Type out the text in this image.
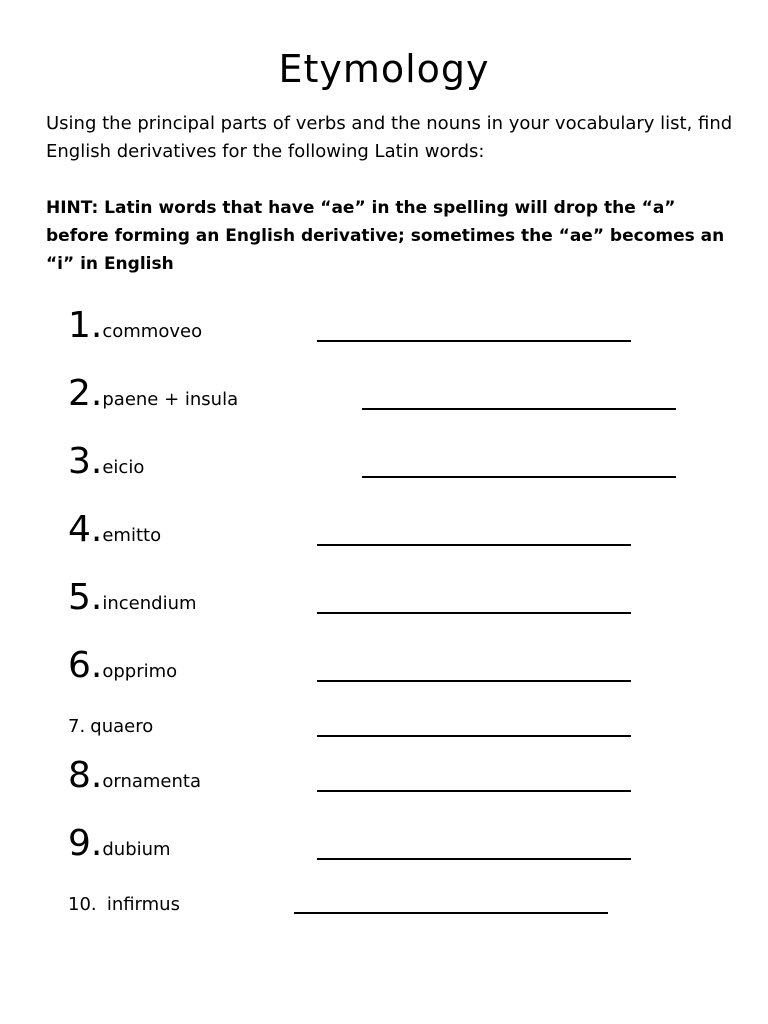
Etymology
Using the principal parts of verbs and the nouns in your vocabulary list, find English derivatives for the following Latin words:
HINT: Latin words that have “ae” in the spelling will drop the “a” before forming an English derivative; sometimes the “ae” becomes an “i” in English
1.commoveo
2.paene + insula
3.eicio
4.emitto
5.incendium
6.opprimo
7. quaero
8.ornamenta
9.dubium
10. infirmus
